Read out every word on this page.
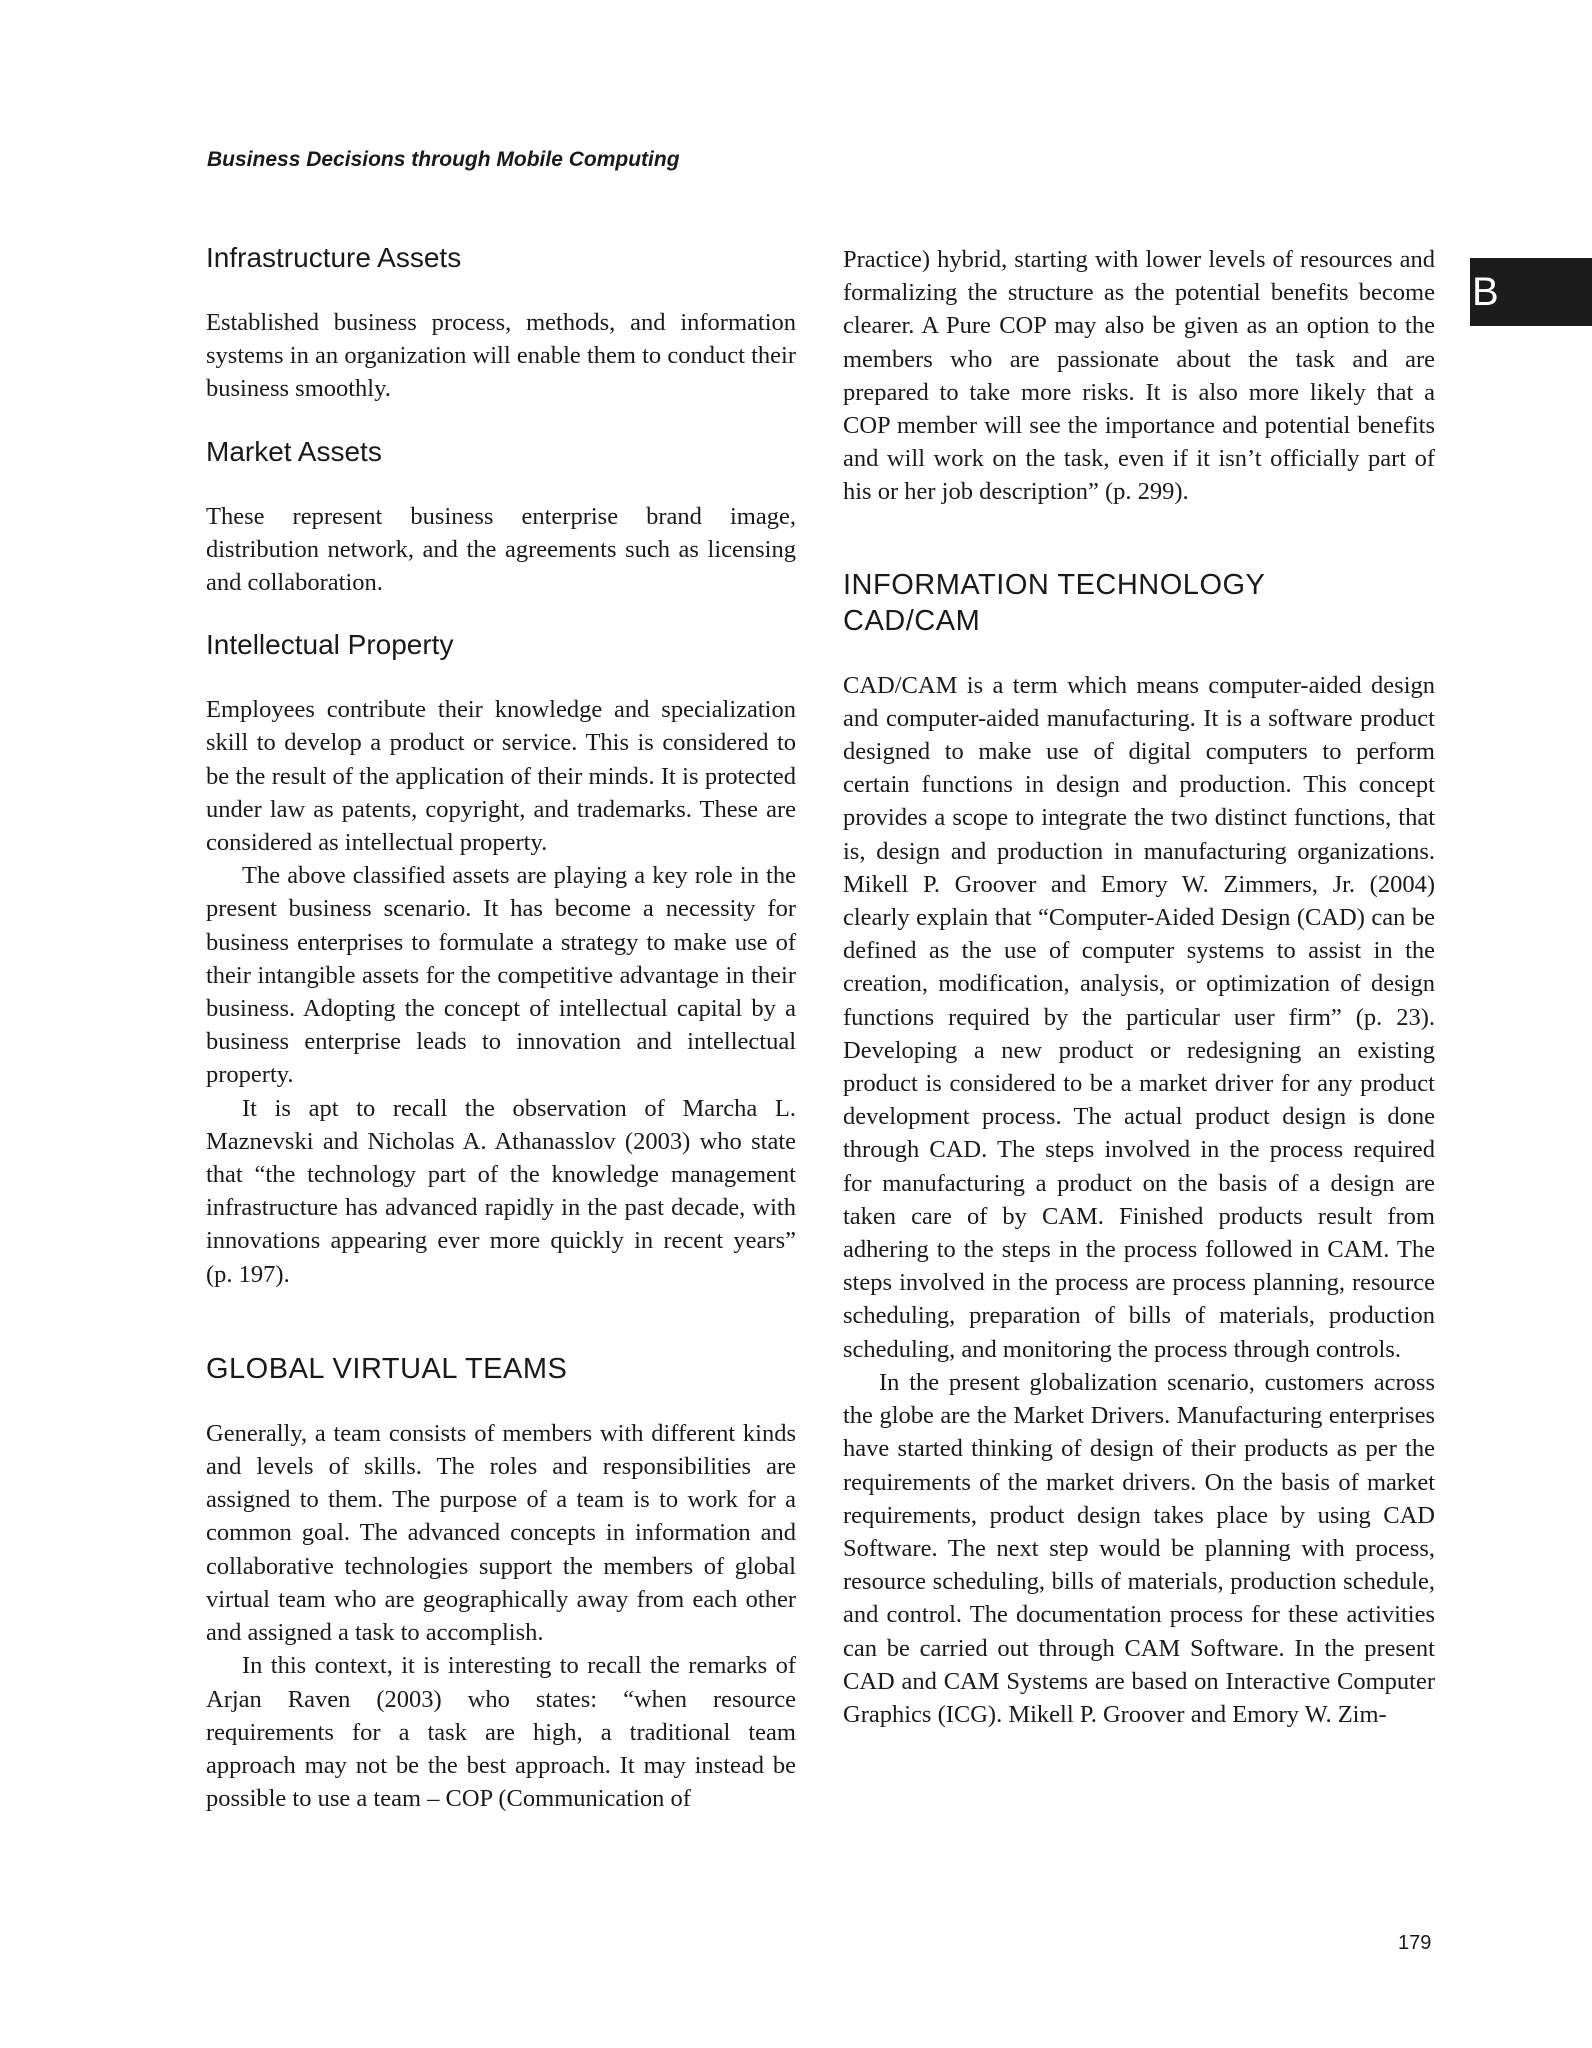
Business Decisions through Mobile Computing

B
Infrastructure Assets

Established business process, methods, and information systems in an organization will enable them to conduct their business smoothly.

Market Assets

These represent business enterprise brand image, distribution network, and the agreements such as licensing and collaboration.

Intellectual Property

Employees contribute their knowledge and specialization skill to develop a product or service. This is considered to be the result of the application of their minds. It is protected under law as patents, copyright, and trademarks. These are considered as intellectual property.

The above classified assets are playing a key role in the present business scenario. It has become a necessity for business enterprises to formulate a strategy to make use of their intangible assets for the competitive advantage in their business. Adopting the concept of intellectual capital by a business enterprise leads to innovation and intellectual property.

It is apt to recall the observation of Marcha L. Maznevski and Nicholas A. Athanasslov (2003) who state that “the technology part of the knowledge management infrastructure has advanced rapidly in the past decade, with innovations appearing ever more quickly in recent years” (p. 197).

GLOBAL VIRTUAL TEAMS

Generally, a team consists of members with different kinds and levels of skills. The roles and responsibilities are assigned to them. The purpose of a team is to work for a common goal. The advanced concepts in information and collaborative technologies support the members of global virtual team who are geographically away from each other and assigned a task to accomplish.

In this context, it is interesting to recall the remarks of Arjan Raven (2003) who states: “when resource requirements for a task are high, a traditional team approach may not be the best approach. It may instead be possible to use a team – COP (Communication of

Practice) hybrid, starting with lower levels of resources and formalizing the structure as the potential benefits become clearer. A Pure COP may also be given as an option to the members who are passionate about the task and are prepared to take more risks. It is also more likely that a COP member will see the importance and potential benefits and will work on the task, even if it isn’t officially part of his or her job description” (p. 299).

INFORMATION TECHNOLOGY
CAD/CAM

CAD/CAM is a term which means computer-aided design and computer-aided manufacturing. It is a software product designed to make use of digital computers to perform certain functions in design and production. This concept provides a scope to integrate the two distinct functions, that is, design and production in manufacturing organizations. Mikell P. Groover and Emory W. Zimmers, Jr. (2004) clearly explain that “Computer-Aided Design (CAD) can be defined as the use of computer systems to assist in the creation, modification, analysis, or optimization of design functions required by the particular user firm” (p. 23). Developing a new product or redesigning an existing product is considered to be a market driver for any product development process. The actual product design is done through CAD. The steps involved in the process required for manufacturing a product on the basis of a design are taken care of by CAM. Finished products result from adhering to the steps in the process followed in CAM. The steps involved in the process are process planning, resource scheduling, preparation of bills of materials, production scheduling, and monitoring the process through controls.

In the present globalization scenario, customers across the globe are the Market Drivers. Manufacturing enterprises have started thinking of design of their products as per the requirements of the market drivers. On the basis of market requirements, product design takes place by using CAD Software. The next step would be planning with process, resource scheduling, bills of materials, production schedule, and control. The documentation process for these activities can be carried out through CAM Software. In the present CAD and CAM Systems are based on Interactive Computer Graphics (ICG). Mikell P. Groover and Emory W. Zim-

179
